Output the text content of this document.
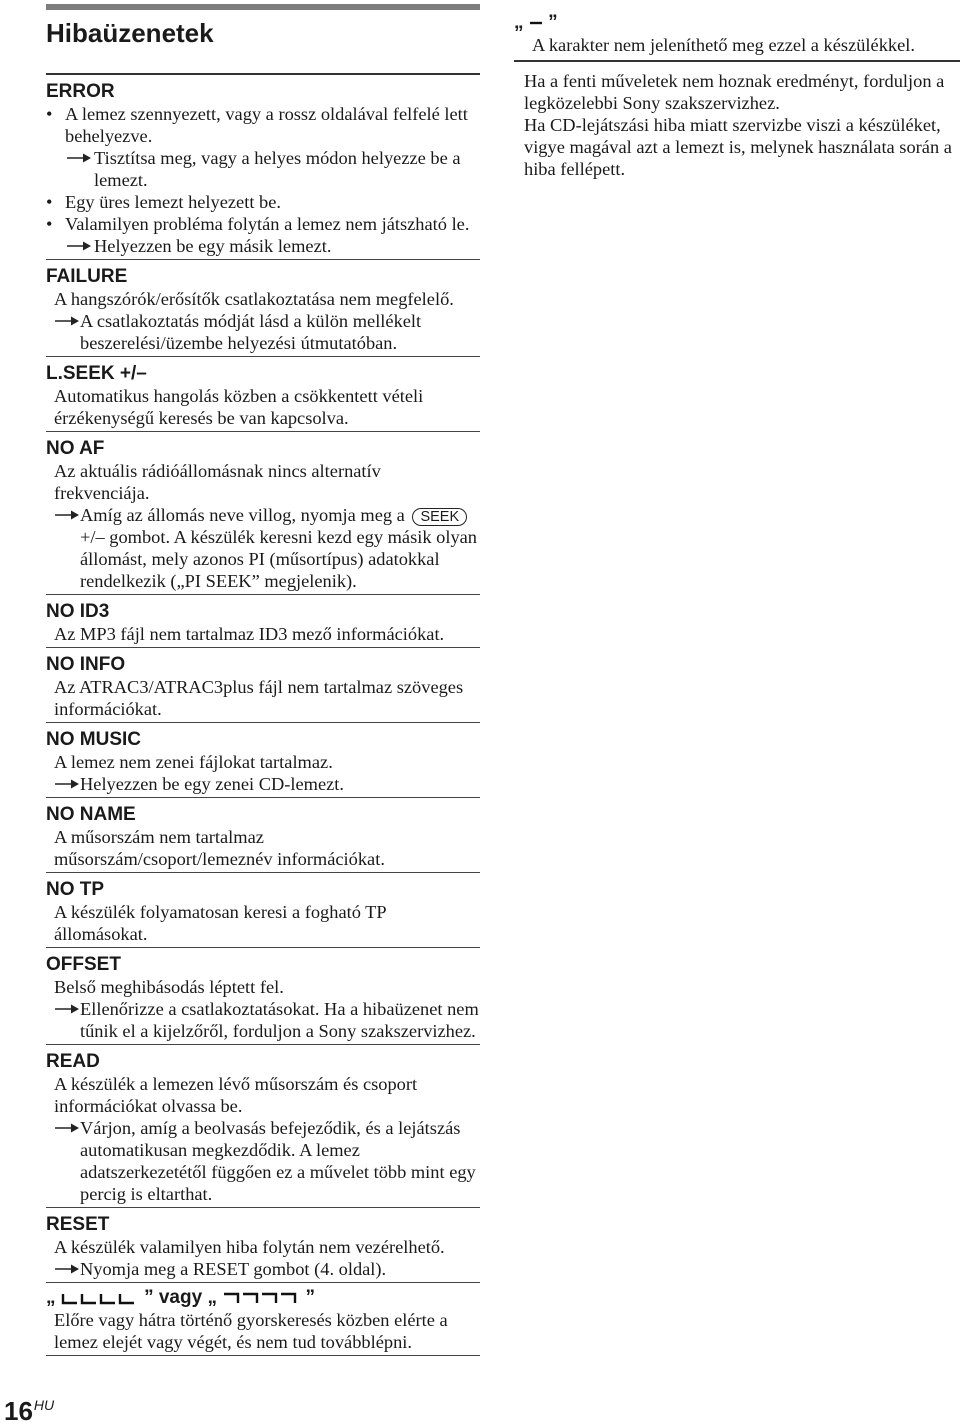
Hibaüzenetek
ERROR
• A lemez szennyezett, vagy a rossz oldalával felfelé lett behelyezve.
Tisztítsa meg, vagy a helyes módon helyezze be a lemezt.
• Egy üres lemezt helyezett be.
• Valamilyen probléma folytán a lemez nem játszható le.
Helyezzen be egy másik lemezt.
FAILURE
A hangszórók/erősítők csatlakoztatása nem megfelelő.
A csatlakoztatás módját lásd a külön mellékelt beszerelési/üzembe helyezési útmutatóban.
L.SEEK +/–
Automatikus hangolás közben a csökkentett vételi érzékenységű keresés be van kapcsolva.
NO AF
Az aktuális rádióállomásnak nincs alternatív frekvenciája.
Amíg az állomás neve villog, nyomja meg a SEEK +/– gombot. A készülék keresni kezd egy másik olyan állomást, mely azonos PI (műsortípus) adatokkal rendelkezik („PI SEEK” megjelenik).
NO ID3
Az MP3 fájl nem tartalmaz ID3 mező információkat.
NO INFO
Az ATRAC3/ATRAC3plus fájl nem tartalmaz szöveges információkat.
NO MUSIC
A lemez nem zenei fájlokat tartalmaz.
Helyezzen be egy zenei CD-lemezt.
NO NAME
A műsorszám nem tartalmaz műsorszám/csoport/lemeznév információkat.
NO TP
A készülék folyamatosan keresi a fogható TP állomásokat.
OFFSET
Belső meghibásodás léptett fel.
Ellenőrizze a csatlakoztatásokat. Ha a hibaüzenet nem tűnik el a kijelzőről, forduljon a Sony szakszervizhez.
READ
A készülék a lemezen lévő műsorszám és csoport információkat olvassa be.
Várjon, amíg a beolvasás befejeződik, és a lejátszás automatikusan megkezdődik. A lemez adatszerkezetétől függően ez a művelet több mint egy percig is eltarthat.
RESET
A készülék valamilyen hiba folytán nem vezérelhető.
Nyomja meg a RESET gombot (4. oldal).
„	” vagy „	”
Előre vagy hátra történő gyorskeresés közben elérte a lemez elejét vagy végét, és nem tud továbblépni.
„ ”
A karakter nem jeleníthető meg ezzel a készülékkel.
Ha a fenti műveletek nem hoznak eredményt, forduljon a legközelebbi Sony szakszervizhez.
Ha CD-lejátszási hiba miatt szervizbe viszi a készüléket, vigye magával azt a lemezt is, melynek használata során a hiba fellépett.
$16^{HU}$
